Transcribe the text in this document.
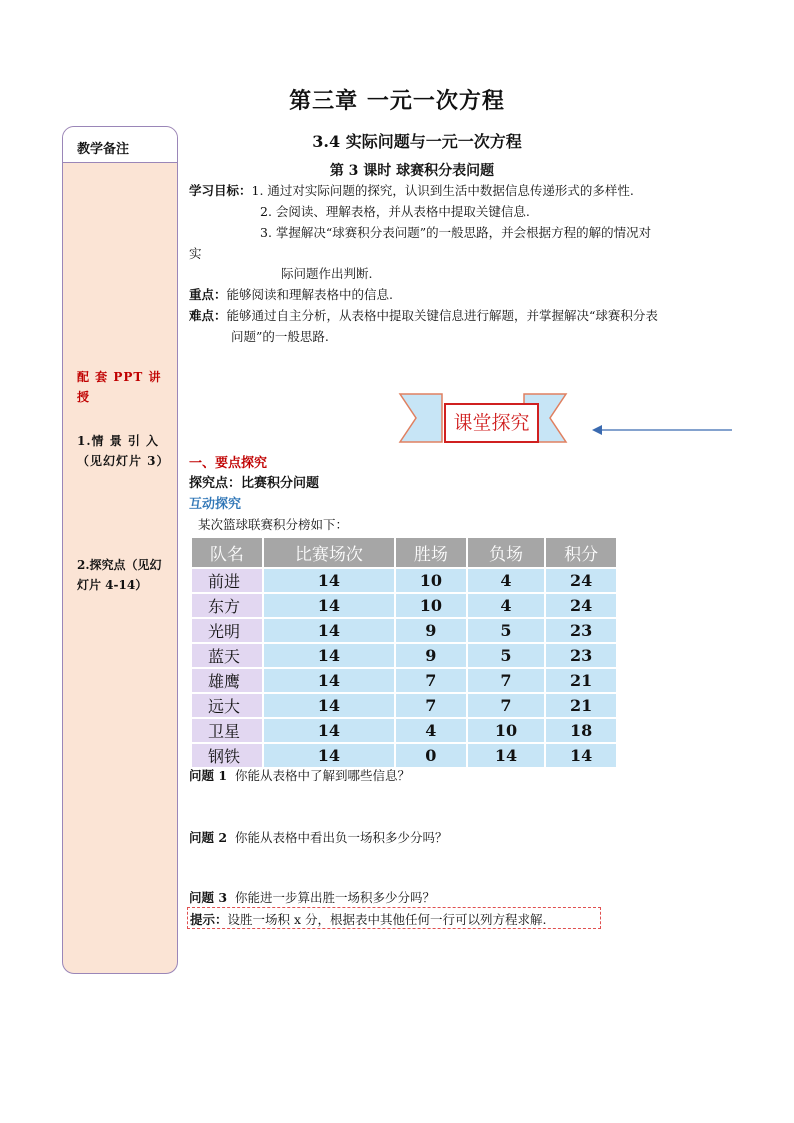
第三章 一元一次方程
教学备注
配 套 PPT 讲 授
1.情 景 引 入 （见幻灯片 3）
2.探究点（见幻灯片 4-14）
3.4 实际问题与一元一次方程
第 3 课时 球赛积分表问题
学习目标：1. 通过对实际问题的探究，认识到生活中数据信息传递形式的多样性.
2. 会阅读、理解表格，并从表格中提取关键信息.
3. 掌握解决“球赛积分表问题”的一般思路，并会根据方程的解的情况对
实
际问题作出判断.
重点：能够阅读和理解表格中的信息.
难点：能够通过自主分析，从表格中提取关键信息进行解题，并掌握解决“球赛积分表
问题”的一般思路.
课堂探究
一、要点探究
探究点：比赛积分问题
互动探究
某次篮球联赛积分榜如下：
队名	比赛场次	胜场	负场	积分
前进	14	10	4	24
东方	14	10	4	24
光明	14	9	5	23
蓝天	14	9	5	23
雄鹰	14	7	7	21
远大	14	7	7	21
卫星	14	4	10	18
钢铁	14	0	14	14
问题 1 你能从表格中了解到哪些信息？
问题 2 你能从表格中看出负一场积多少分吗？
问题 3 你能进一步算出胜一场积多少分吗？
提示：设胜一场积 x 分，根据表中其他任何一行可以列方程求解.
